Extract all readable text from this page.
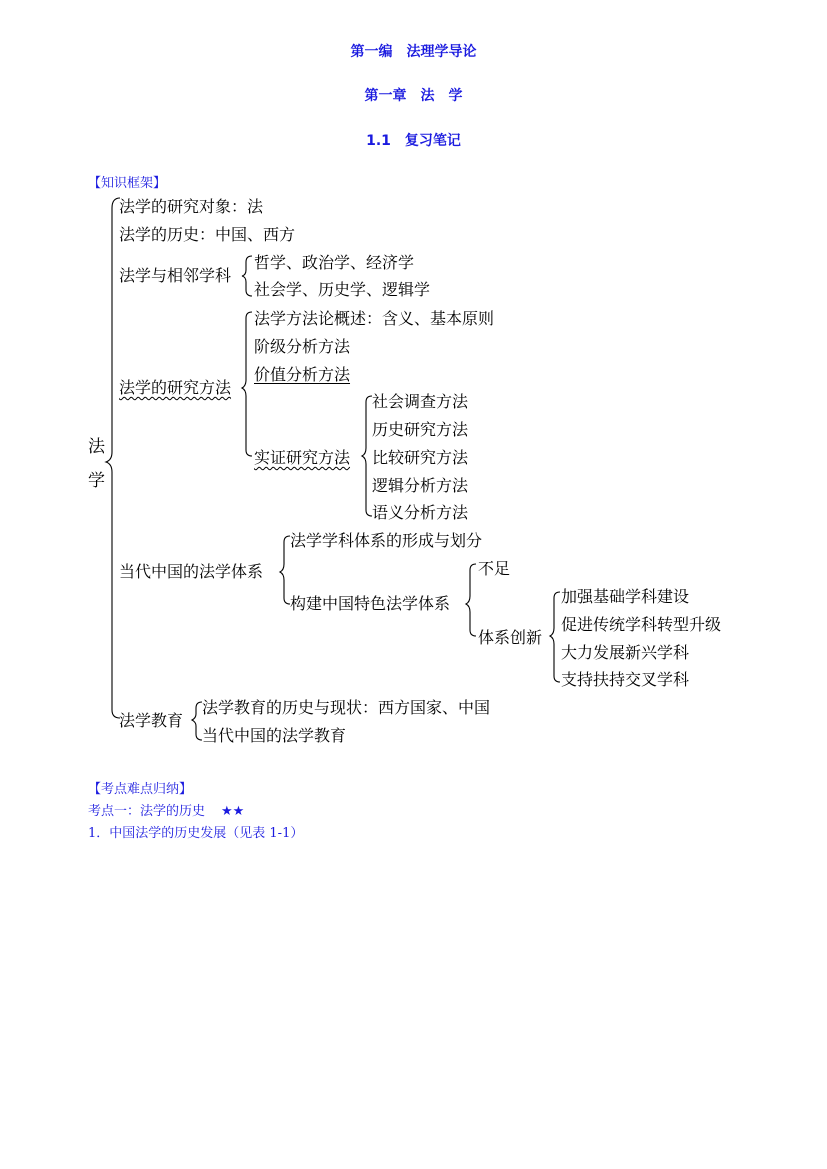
第一编　法理学导论
第一章　法　学
1.1　复习笔记
【知识框架】
法
学
法学的研究对象：法
法学的历史：中国、西方
法学与相邻学科
哲学、政治学、经济学
社会学、历史学、逻辑学
法学的研究方法
法学方法论概述：含义、基本原则
阶级分析方法
价值分析方法
实证研究方法
社会调查方法
历史研究方法
比较研究方法
逻辑分析方法
语义分析方法
当代中国的法学体系
法学学科体系的形成与划分
构建中国特色法学体系
不足
体系创新
加强基础学科建设
促进传统学科转型升级
大力发展新兴学科
支持扶持交叉学科
法学教育
法学教育的历史与现状：西方国家、中国
当代中国的法学教育
【考点难点归纳】
考点一：法学的历史 ★★
1．中国法学的历史发展（见表 1-1）
